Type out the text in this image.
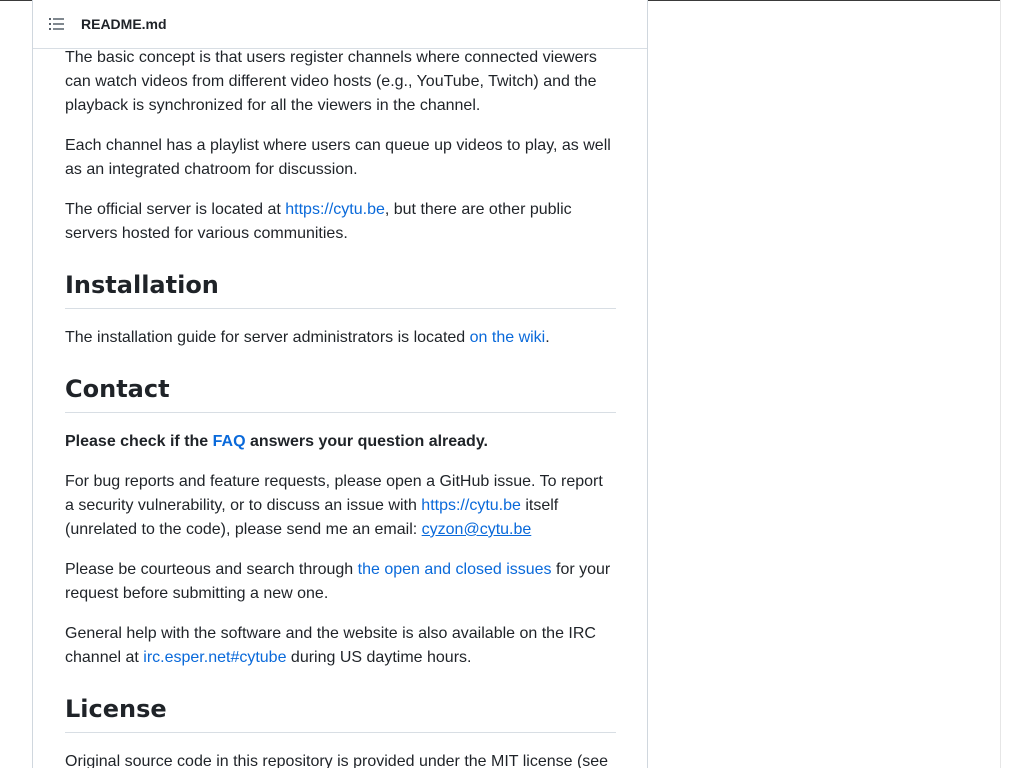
README.md

The basic concept is that users register channels where connected viewers can watch videos from different video hosts (e.g., YouTube, Twitch) and the playback is synchronized for all the viewers in the channel.

Each channel has a playlist where users can queue up videos to play, as well as an integrated chatroom for discussion.

The official server is located at https://cytu.be, but there are other public servers hosted for various communities.

Installation

The installation guide for server administrators is located on the wiki.

Contact

Please check if the FAQ answers your question already.

For bug reports and feature requests, please open a GitHub issue. To report a security vulnerability, or to discuss an issue with https://cytu.be itself (unrelated to the code), please send me an email: cyzon@cytu.be

Please be courteous and search through the open and closed issues for your request before submitting a new one.

General help with the software and the website is also available on the IRC channel at irc.esper.net#cytube during US daytime hours.

License

Original source code in this repository is provided under the MIT license (see
